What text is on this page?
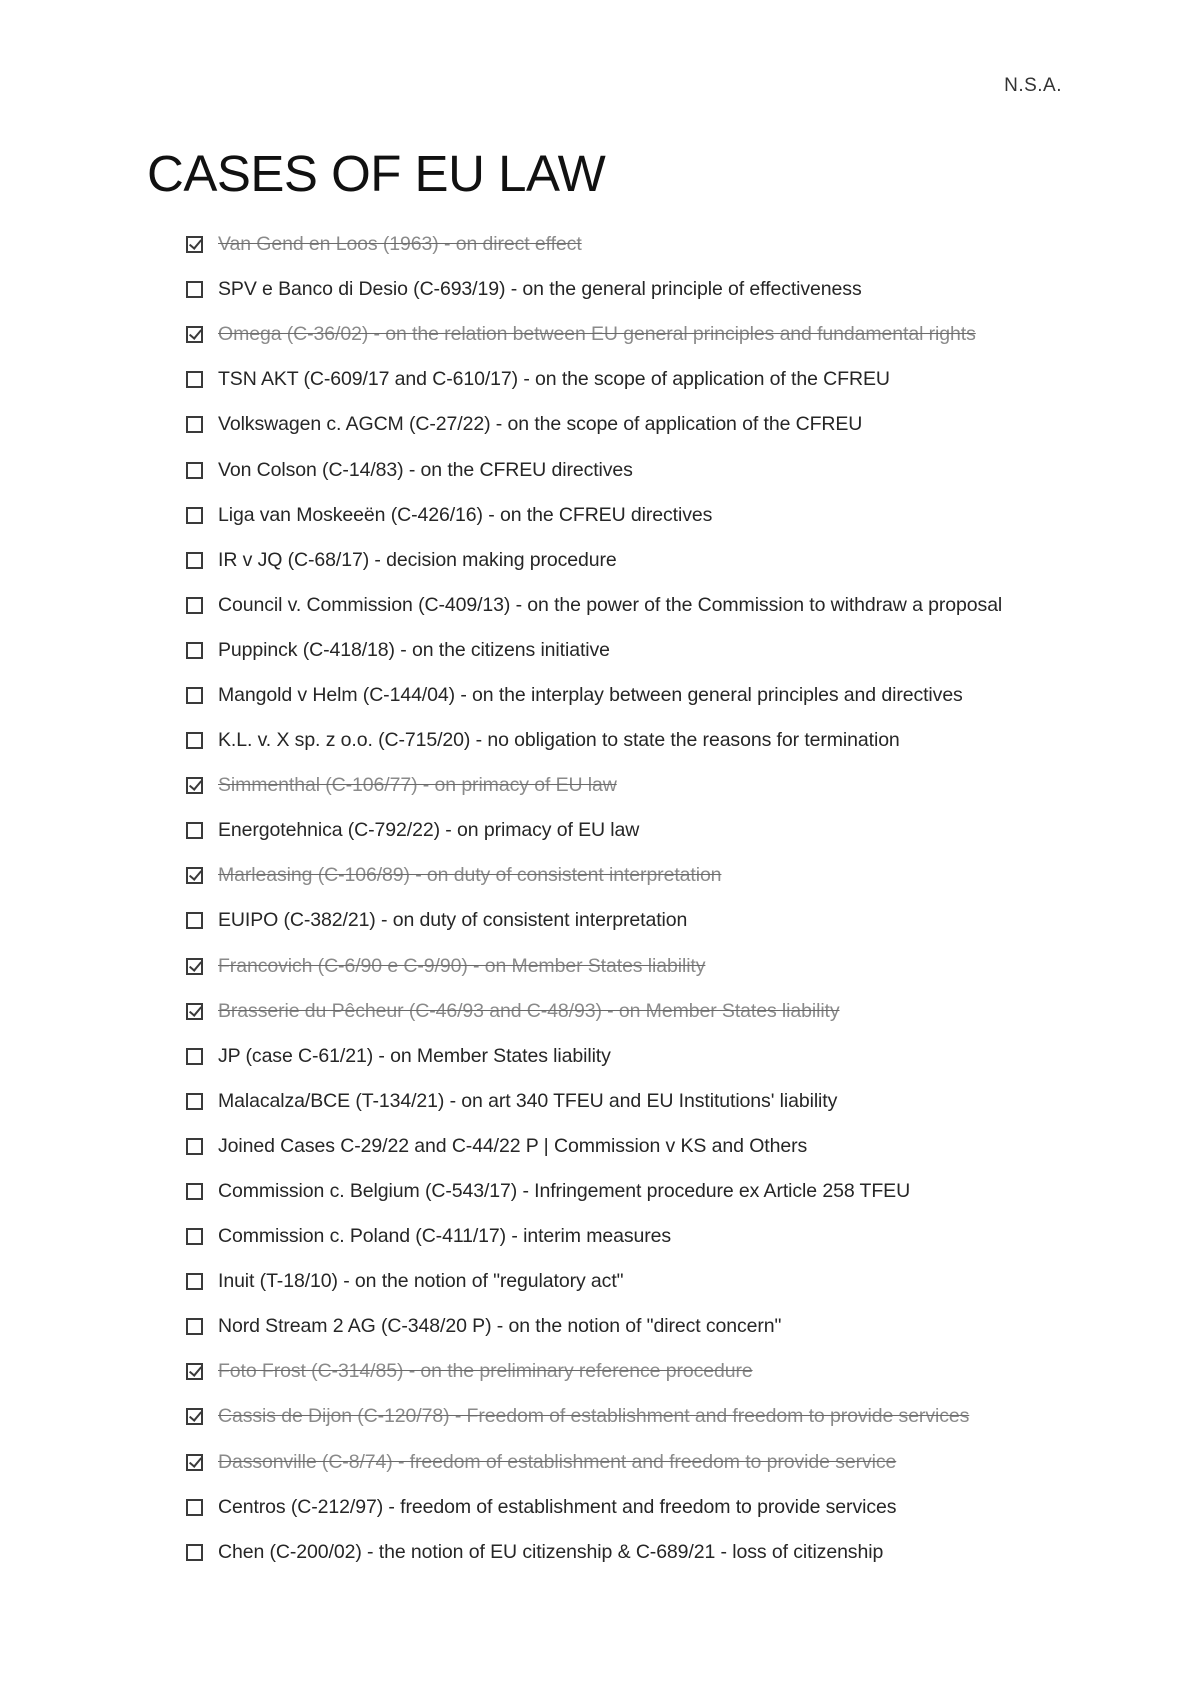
N.S.A.

CASES OF EU LAW
Van Gend en Loos (1963) - on direct effect
SPV e Banco di Desio (C-693/19) - on the general principle of effectiveness
Omega (C-36/02) - on the relation between EU general principles and fundamental rights
TSN AKT (C-609/17 and C-610/17) - on the scope of application of the CFREU
Volkswagen c. AGCM (C-27/22) - on the scope of application of the CFREU
Von Colson (C-14/83) - on the CFREU directives
Liga van Moskeeën (C-426/16) - on the CFREU directives
IR v JQ (C-68/17) - decision making procedure
Council v. Commission (C-409/13) - on the power of the Commission to withdraw a proposal
Puppinck (C-418/18) - on the citizens initiative
Mangold v Helm (C-144/04) - on the interplay between general principles and directives
K.L. v. X sp. z o.o. (C-715/20) - no obligation to state the reasons for termination
Simmenthal (C-106/77) - on primacy of EU law
Energotehnica (C-792/22) - on primacy of EU law
Marleasing (C-106/89) - on duty of consistent interpretation
EUIPO (C-382/21) - on duty of consistent interpretation
Francovich (C-6/90 e C-9/90) - on Member States liability
Brasserie du Pêcheur (C-46/93 and C-48/93) - on Member States liability
JP (case C-61/21) - on Member States liability
Malacalza/BCE (T-134/21) - on art 340 TFEU and EU Institutions' liability
Joined Cases C-29/22 and C-44/22 P | Commission v KS and Others
Commission c. Belgium (C-543/17) - Infringement procedure ex Article 258 TFEU
Commission c. Poland (C-411/17) - interim measures
Inuit (T-18/10) - on the notion of "regulatory act"
Nord Stream 2 AG (C-348/20 P) - on the notion of "direct concern"
Foto Frost (C-314/85) - on the preliminary reference procedure
Cassis de Dijon (C-120/78) - Freedom of establishment and freedom to provide services
Dassonville (C-8/74) - freedom of establishment and freedom to provide service
Centros (C-212/97) - freedom of establishment and freedom to provide services
Chen (C-200/02) - the notion of EU citizenship & C-689/21 - loss of citizenship
